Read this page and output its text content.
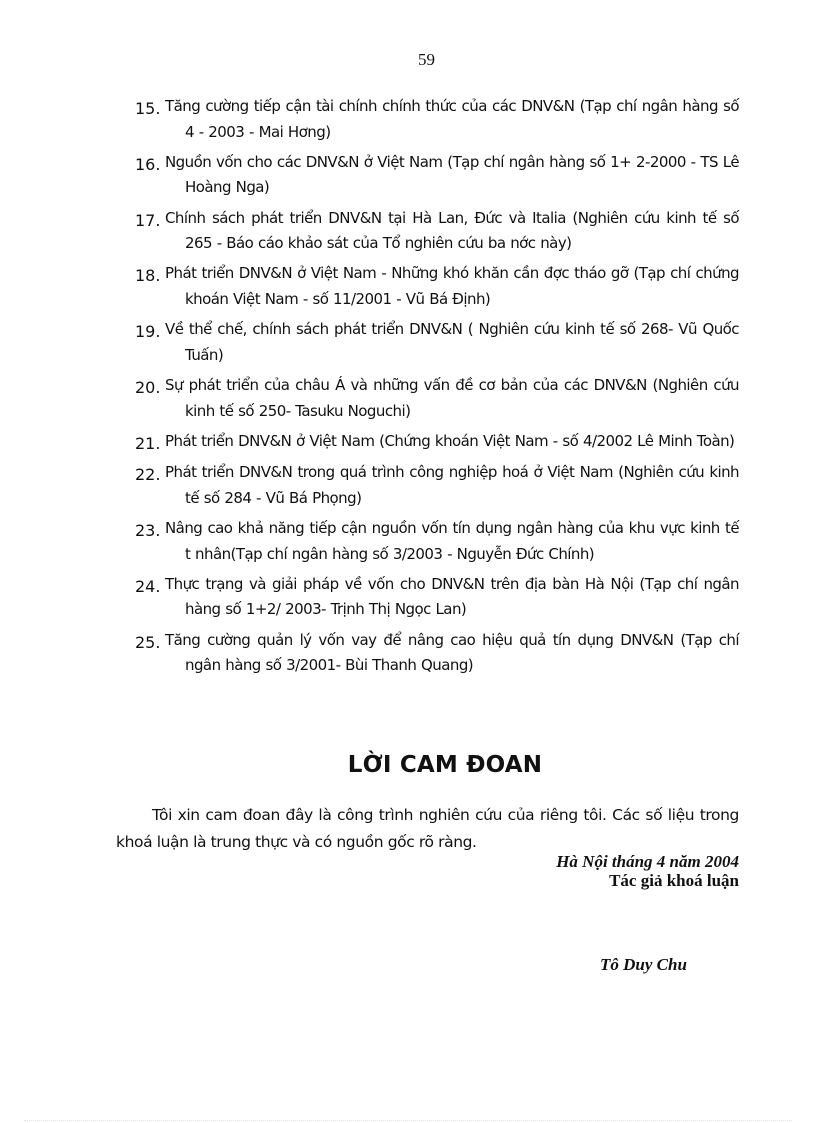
59
15. Tăng cường tiếp cận tài chính chính thức của các DNV&N (Tạp chí ngân hàng số 4 - 2003 - Mai Hơng)
16. Nguồn vốn cho các DNV&N ở Việt Nam (Tạp chí ngân hàng số 1+ 2-2000 - TS Lê Hoàng Nga)
17. Chính sách phát triển DNV&N tại Hà Lan, Đức và Italia (Nghiên cứu kinh tế số 265 - Báo cáo khảo sát của Tổ nghiên cứu ba nớc này)
18. Phát triển DNV&N ở Việt Nam - Những khó khăn cần đợc tháo gỡ (Tạp chí chứng khoán Việt Nam - số 11/2001 - Vũ Bá Định)
19. Về thể chế, chính sách phát triển DNV&N ( Nghiên cứu kinh tế số 268- Vũ Quốc Tuấn)
20. Sự phát triển của châu Á và những vấn đề cơ bản của các DNV&N (Nghiên cứu kinh tế số 250- Tasuku Noguchi)
21. Phát triển DNV&N ở Việt Nam (Chứng khoán Việt Nam - số 4/2002 Lê Minh Toàn)
22. Phát triển DNV&N trong quá trình công nghiệp hoá ở Việt Nam (Nghiên cứu kinh tế số 284 - Vũ Bá Phọng)
23. Nâng cao khả năng tiếp cận nguồn vốn tín dụng ngân hàng của khu vực kinh tế t nhân(Tạp chí ngân hàng số 3/2003 - Nguyễn Đức Chính)
24. Thực trạng và giải pháp về vốn cho DNV&N trên địa bàn Hà Nội (Tạp chí ngân hàng số 1+2/ 2003- Trịnh Thị Ngọc Lan)
25. Tăng cường quản lý vốn vay để nâng cao hiệu quả tín dụng DNV&N (Tạp chí ngân hàng số 3/2001- Bùi Thanh Quang)
LỜI CAM ĐOAN
Tôi xin cam đoan đây là công trình nghiên cứu của riêng tôi. Các số liệu trong khoá luận là trung thực và có nguồn gốc rõ ràng.
Hà Nội tháng 4 năm 2004
Tác giả khoá luận
Tô Duy Chu
